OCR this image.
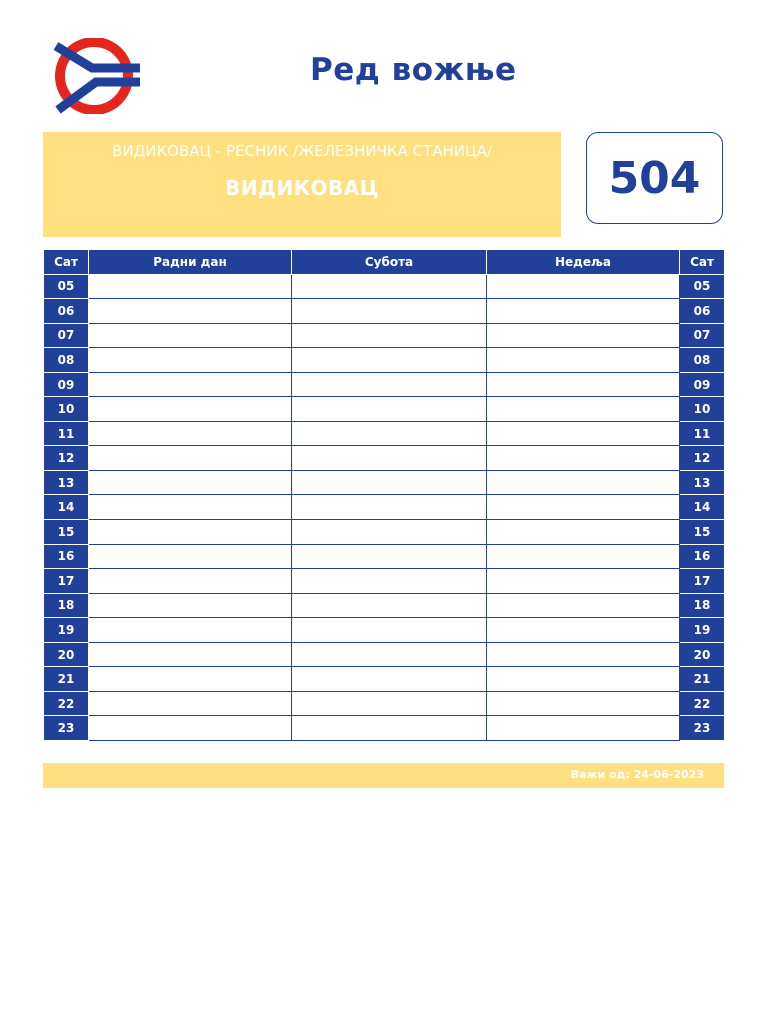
Ред вожње
ВИДИКОВАЦ - РЕСНИК /ЖЕЛЕЗНИЧКА СТАНИЦА/
ВИДИКОВАЦ	504
Сат	Радни дан	Субота	Недеља	Сат
05				05
06				06
07				07
08				08
09				09
10				10
11				11
12				12
13				13
14				14
15				15
16				16
17				17
18				18
19				19
20				20
21				21
22				22
23				23
Важи од: 24-06-2023
